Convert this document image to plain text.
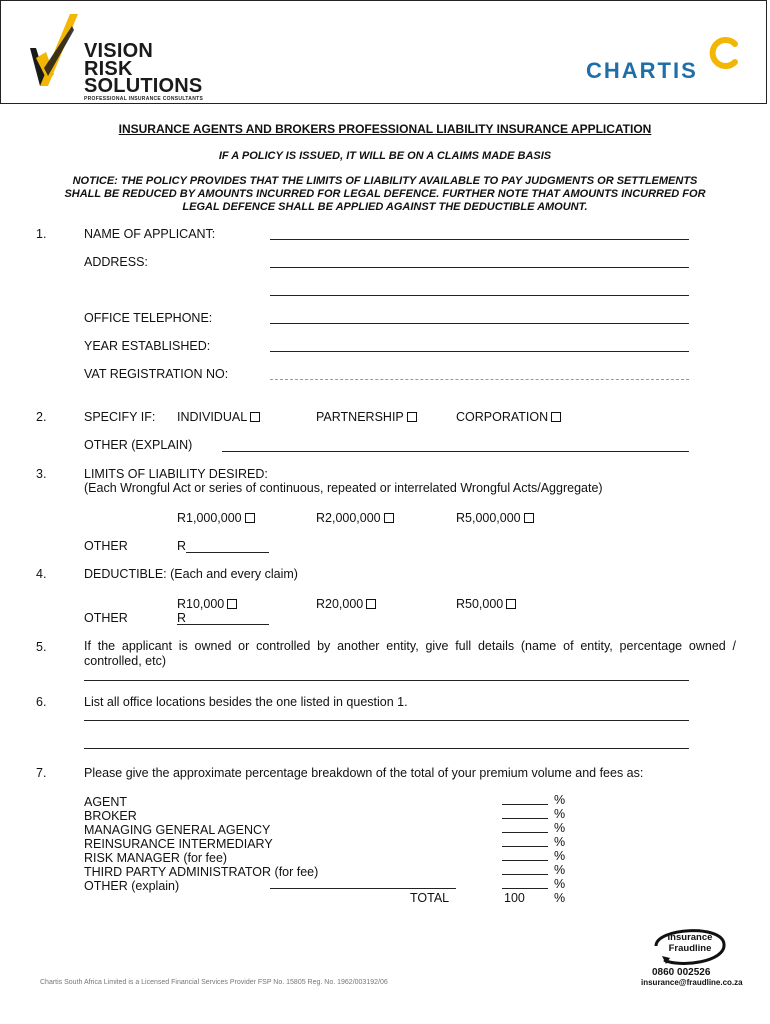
VISION
RISK
SOLUTIONS
PROFESSIONAL INSURANCE CONSULTANTS
CHARTIS
INSURANCE AGENTS AND BROKERS PROFESSIONAL LIABILITY INSURANCE APPLICATION
IF A POLICY IS ISSUED, IT WILL BE ON A CLAIMS MADE BASIS
NOTICE: THE POLICY PROVIDES THAT THE LIMITS OF LIABILITY AVAILABLE TO PAY JUDGMENTS OR SETTLEMENTS
SHALL BE REDUCED BY AMOUNTS INCURRED FOR LEGAL DEFENCE. FURTHER NOTE THAT AMOUNTS INCURRED FOR
LEGAL DEFENCE SHALL BE APPLIED AGAINST THE DEDUCTIBLE AMOUNT.
1.	NAME OF APPLICANT:
ADDRESS:
OFFICE TELEPHONE:
YEAR ESTABLISHED:
VAT REGISTRATION NO:
2.	SPECIFY IF: INDIVIDUAL	PARTNERSHIP	CORPORATION
OTHER (EXPLAIN)
3.	LIMITS OF LIABILITY DESIRED:
(Each Wrongful Act or series of continuous, repeated or interrelated Wrongful Acts/Aggregate)
R1,000,000	R2,000,000	R5,000,000
OTHER	R
4.	DEDUCTIBLE: (Each and every claim)
R10,000	R20,000	R50,000
OTHER	R
5.	If the applicant is owned or controlled by another entity, give full details (name of entity, percentage owned / controlled, etc)
6.	List all office locations besides the one listed in question 1.
7.	Please give the approximate percentage breakdown of the total of your premium volume and fees as:
AGENT	%
BROKER	%
MANAGING GENERAL AGENCY	%
REINSURANCE INTERMEDIARY	%
RISK MANAGER (for fee)	%
THIRD PARTY ADMINISTRATOR (for fee)	%
OTHER (explain)	%
TOTAL	100 %
Chartis South Africa Limited is a Licensed Financial Services Provider FSP No. 15805 Reg. No. 1962/003192/06
Insurance
Fraudline
0860 002526
insurance@fraudline.co.za
